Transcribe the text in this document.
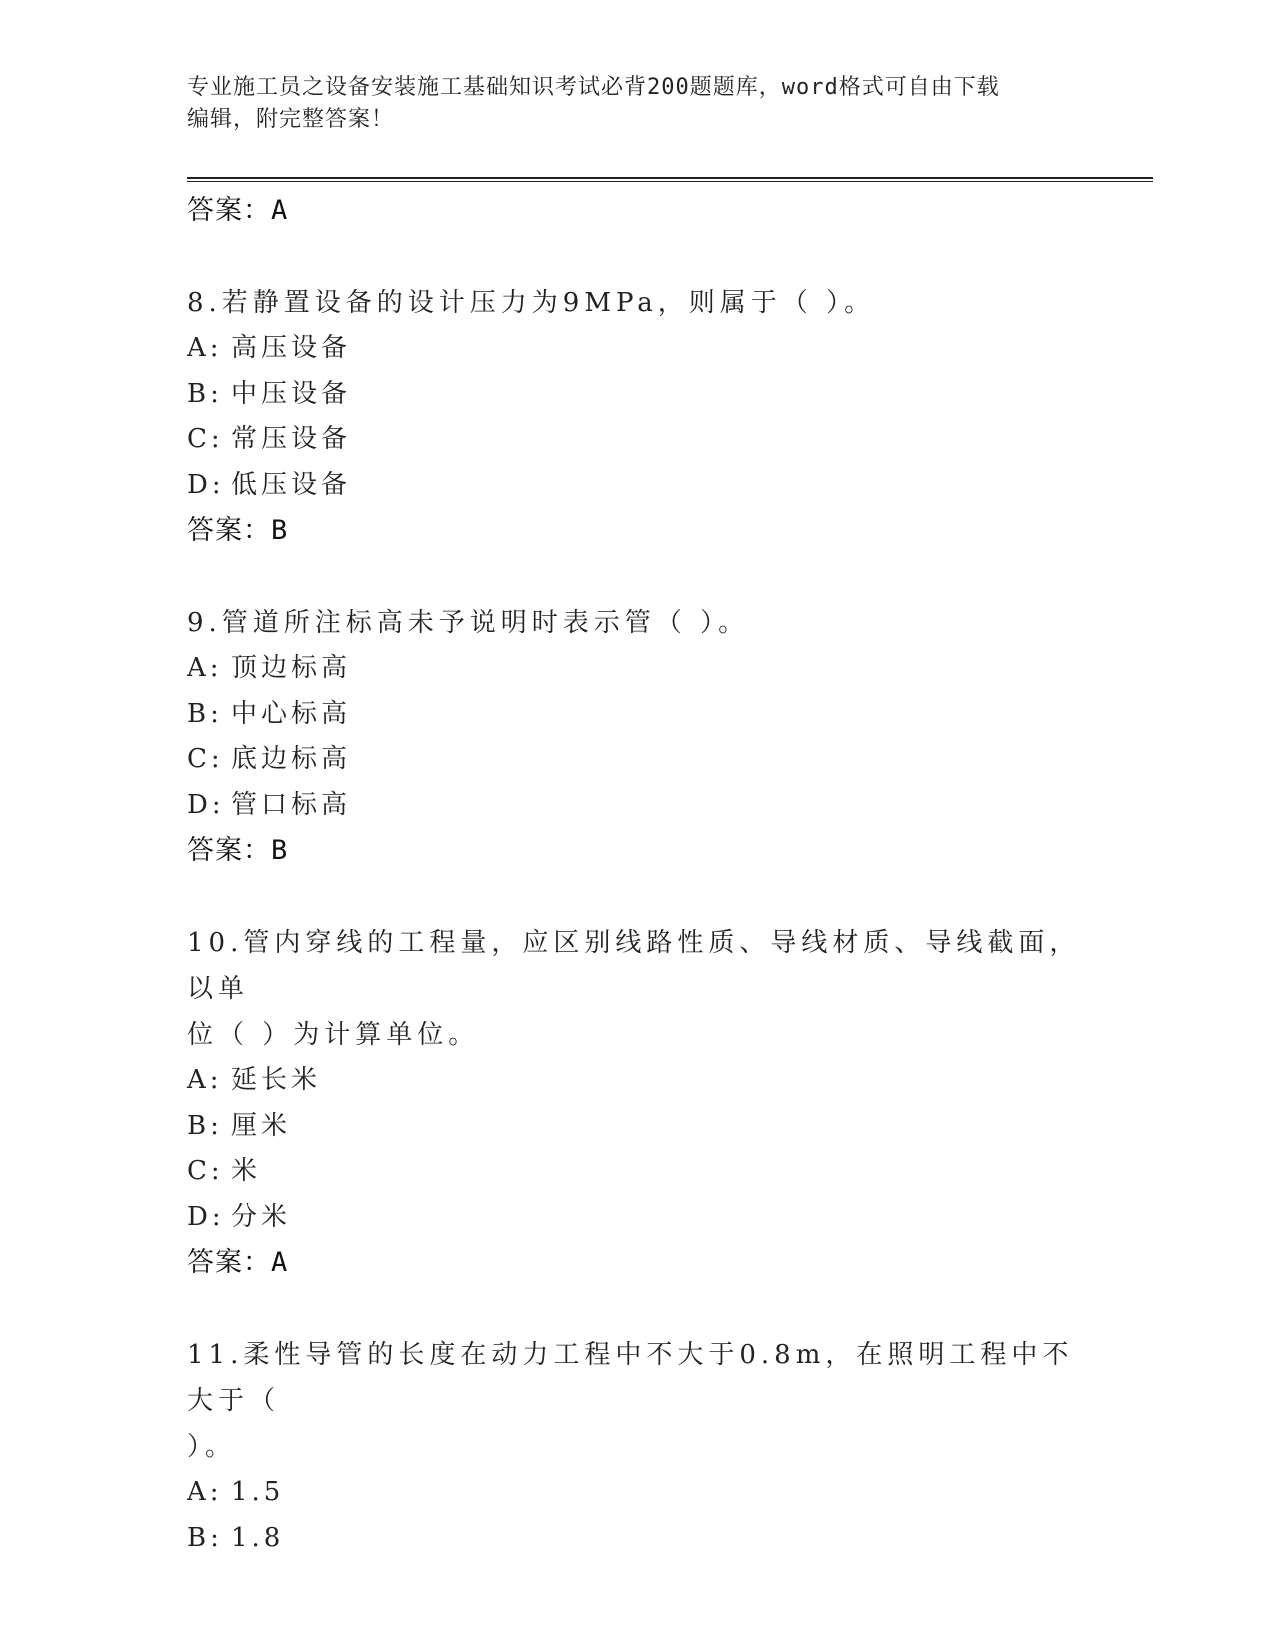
专业施工员之设备安装施工基础知识考试必背200题题库，word格式可自由下载
编辑，附完整答案！
答案：A
8.若静置设备的设计压力为9MPa，则属于（ ）。
A: 高压设备
B: 中压设备
C: 常压设备
D: 低压设备
答案：B
9.管道所注标高未予说明时表示管（ ）。
A: 顶边标高
B: 中心标高
C: 底边标高
D: 管口标高
答案：B
10.管内穿线的工程量，应区别线路性质、导线材质、导线截面，以单
位（ ）为计算单位。
A: 延长米
B: 厘米
C: 米
D: 分米
答案：A
11.柔性导管的长度在动力工程中不大于0.8m，在照明工程中不大于（
）。
A: 1.5
B: 1.8
